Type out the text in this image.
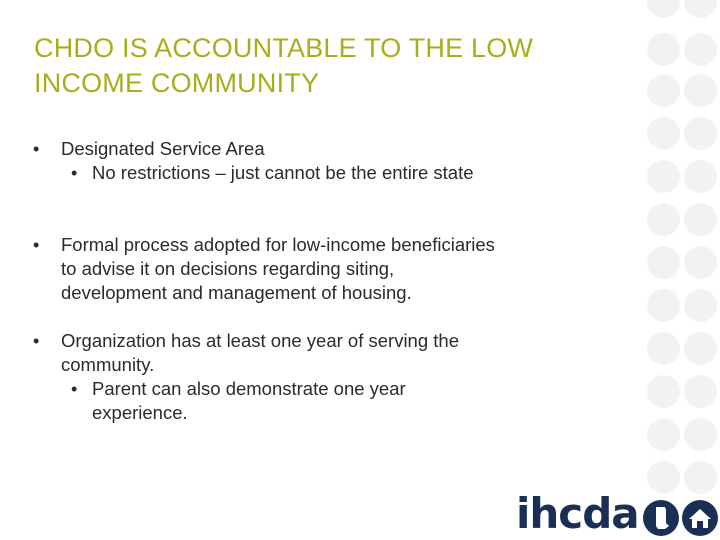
CHDO IS ACCOUNTABLE TO THE LOW
INCOME COMMUNITY
• Designated Service Area
• No restrictions – just cannot be the entire state
• Formal process adopted for low-income beneficiaries
to advise it on decisions regarding siting,
development and management of housing.
• Organization has at least one year of serving the
community.
• Parent can also demonstrate one year
experience.
ihcda
